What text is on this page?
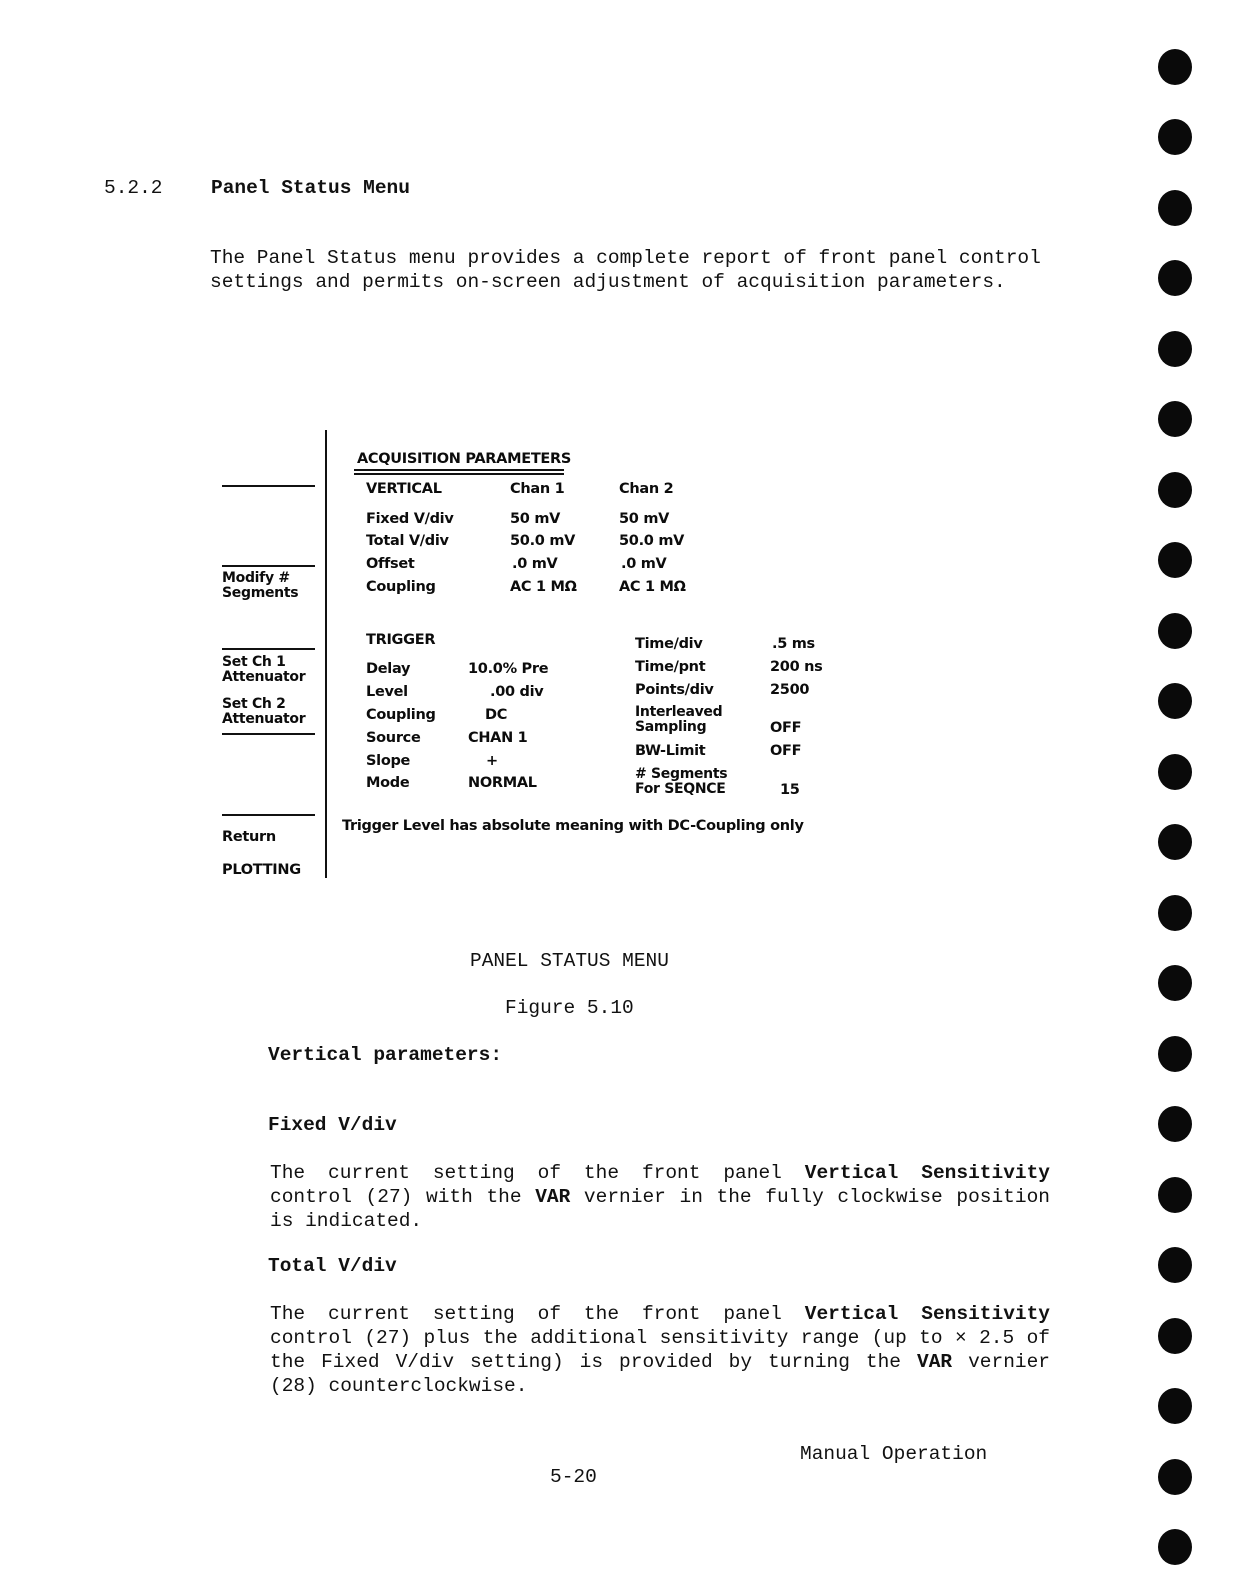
5.2.2 Panel Status Menu
The Panel Status menu provides a complete report of front panel control settings and permits on-screen adjustment of acquisition parameters.
Modify # Segments
Set Ch 1 Attenuator
Set Ch 2 Attenuator
Return
PLOTTING
ACQUISITION PARAMETERS
VERTICAL	Chan 1	Chan 2
Fixed V/div	50 mV	50 mV
Total V/div	50.0 mV	50.0 mV
Offset	.0 mV	.0 mV
Coupling	AC 1 MΩ	AC 1 MΩ
TRIGGER
Delay	10.0% Pre
Level	.00 div
Coupling	DC
Source	CHAN 1
Slope	+
Mode	NORMAL
Time/div	.5 ms
Time/pnt	200 ns
Points/div	2500
Interleaved Sampling	OFF
BW-Limit	OFF
# Segments For SEQNCE	15
Trigger Level has absolute meaning with DC-Coupling only
PANEL STATUS MENU
Figure 5.10
Vertical parameters:
Fixed V/div
The current setting of the front panel Vertical Sensitivity control (27) with the VAR vernier in the fully clockwise position is indicated.
Total V/div
The current setting of the front panel Vertical Sensitivity control (27) plus the additional sensitivity range (up to × 2.5 of the Fixed V/div setting) is provided by turning the VAR vernier (28) counterclockwise.
Manual Operation
5-20
